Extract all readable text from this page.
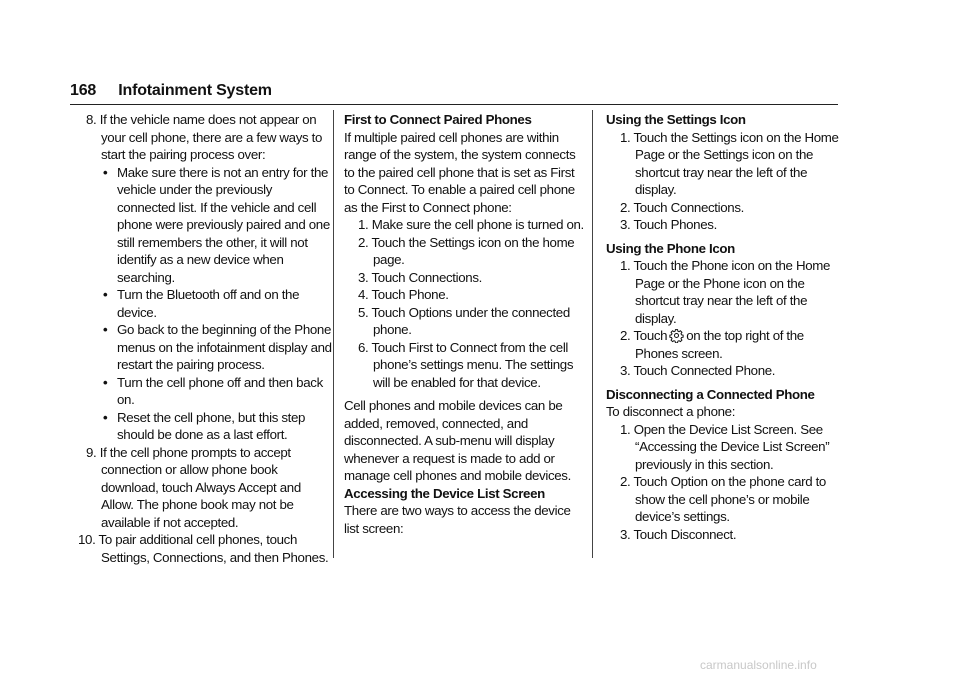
168 Infotainment System
8. If the vehicle name does not appear on your cell phone, there are a few ways to start the pairing process over:
• Make sure there is not an entry for the vehicle under the previously connected list. If the vehicle and cell phone were previously paired and one still remembers the other, it will not identify as a new device when searching.
• Turn the Bluetooth off and on the device.
• Go back to the beginning of the Phone menus on the infotainment display and restart the pairing process.
• Turn the cell phone off and then back on.
• Reset the cell phone, but this step should be done as a last effort.
9. If the cell phone prompts to accept connection or allow phone book download, touch Always Accept and Allow. The phone book may not be available if not accepted.
10. To pair additional cell phones, touch Settings, Connections, and then Phones.
First to Connect Paired Phones
If multiple paired cell phones are within range of the system, the system connects to the paired cell phone that is set as First to Connect. To enable a paired cell phone as the First to Connect phone:
1. Make sure the cell phone is turned on.
2. Touch the Settings icon on the home page.
3. Touch Connections.
4. Touch Phone.
5. Touch Options under the connected phone.
6. Touch First to Connect from the cell phone’s settings menu. The settings will be enabled for that device.
Cell phones and mobile devices can be added, removed, connected, and disconnected. A sub-menu will display whenever a request is made to add or manage cell phones and mobile devices.
Accessing the Device List Screen
There are two ways to access the device list screen:
Using the Settings Icon
1. Touch the Settings icon on the Home Page or the Settings icon on the shortcut tray near the left of the display.
2. Touch Connections.
3. Touch Phones.
Using the Phone Icon
1. Touch the Phone icon on the Home Page or the Phone icon on the shortcut tray near the left of the display.
2. Touch on the top right of the Phones screen.
3. Touch Connected Phone.
Disconnecting a Connected Phone
To disconnect a phone:
1. Open the Device List Screen. See “Accessing the Device List Screen” previously in this section.
2. Touch Option on the phone card to show the cell phone’s or mobile device’s settings.
3. Touch Disconnect.
carmanualsonline.info
